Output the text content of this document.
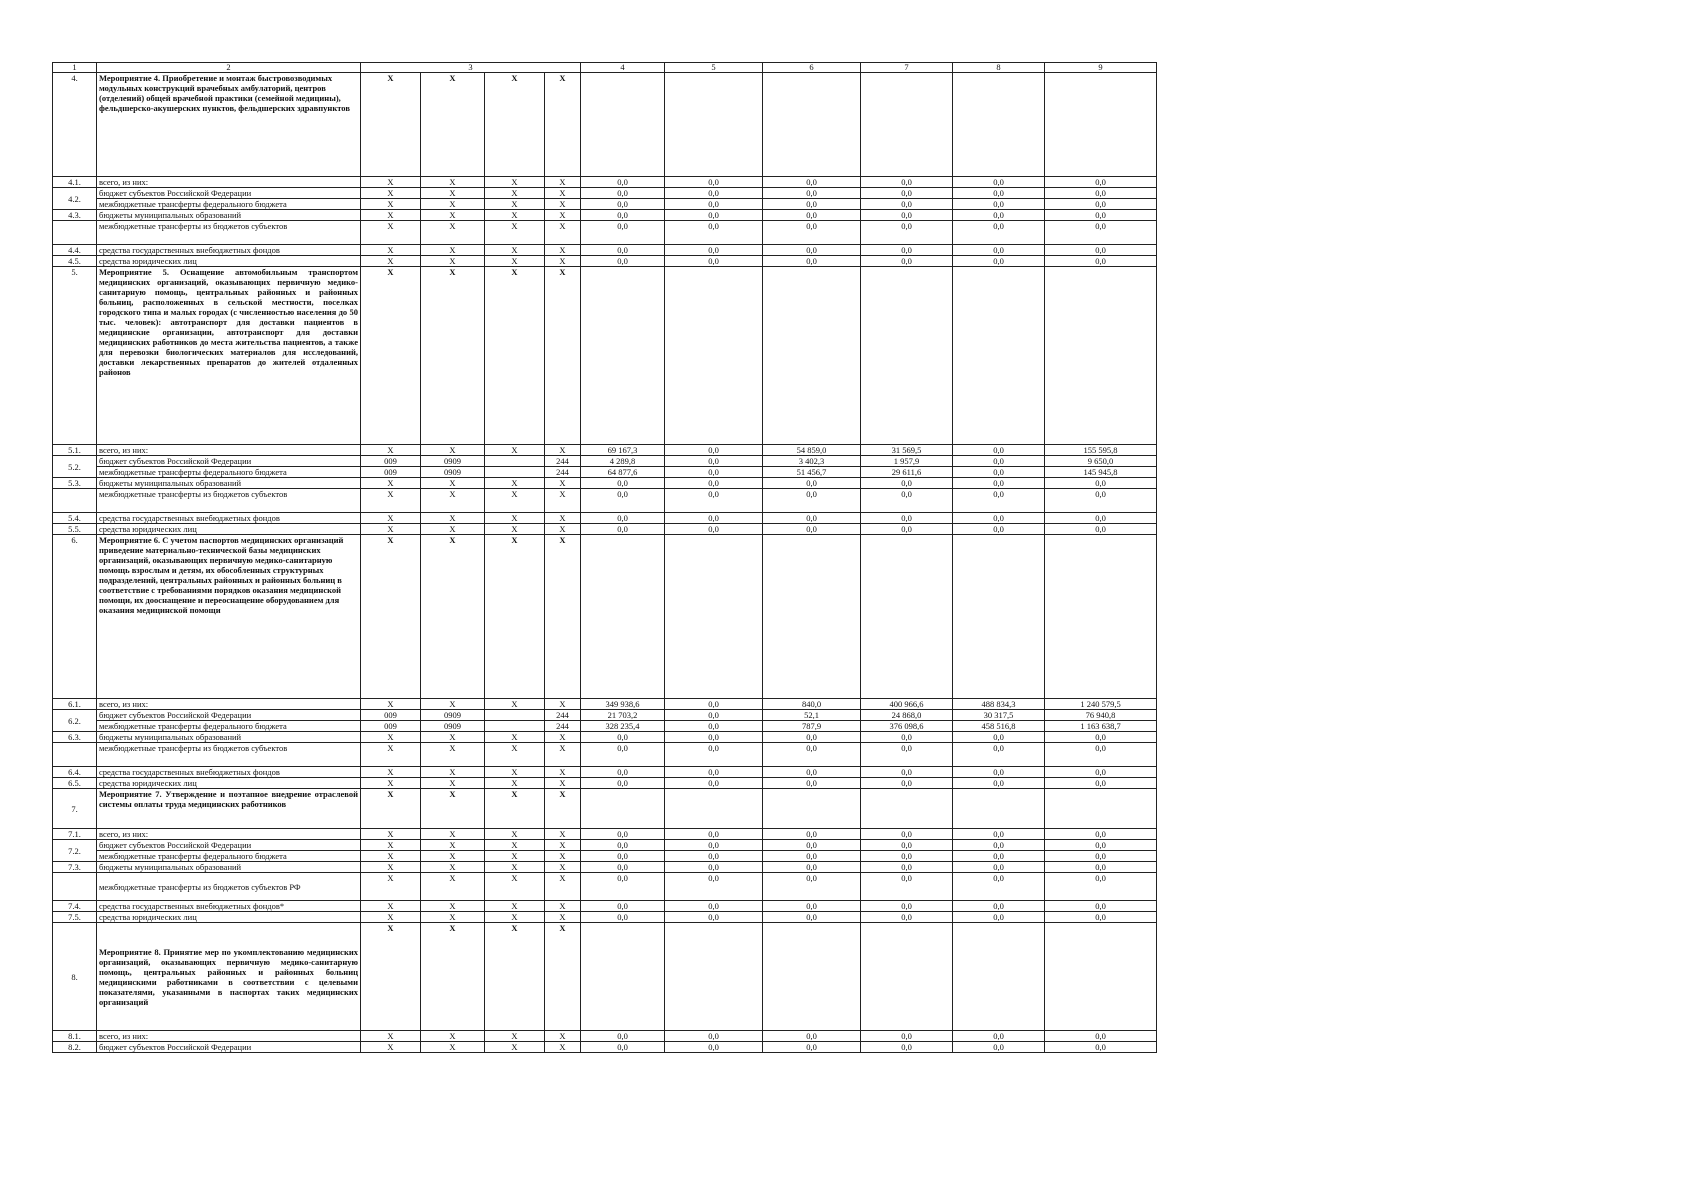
1	2	3				4	5	6	7	8	9
4.	Мероприятие 4. Приобретение и монтаж быстровозводимых модульных конструкций врачебных амбулаторий, центров (отделений) общей врачебной практики (семейной медицины), фельдшерско-акушерских пунктов, фельдшерских здравпунктов	X	X	X	X						
4.1.	всего, из них:	X	X	X	X	0,0	0,0	0,0	0,0	0,0	0,0
4.2.	бюджет субъектов Российской Федерации	X	X	X	X	0,0	0,0	0,0	0,0	0,0	0,0
	межбюджетные трансферты федерального бюджета	X	X	X	X	0,0	0,0	0,0	0,0	0,0	0,0
4.3.	бюджеты муниципальных образований	X	X	X	X	0,0	0,0	0,0	0,0	0,0	0,0
	межбюджетные трансферты из бюджетов субъектов	X	X	X	X	0,0	0,0	0,0	0,0	0,0	0,0
4.4.	средства государственных внебюджетных фондов	X	X	X	X	0,0	0,0	0,0	0,0	0,0	0,0
4.5.	средства юридических лиц	X	X	X	X	0,0	0,0	0,0	0,0	0,0	0,0
5.	Мероприятие 5. Оснащение автомобильным транспортом медицинских организаций, оказывающих первичную медико-санитарную помощь, центральных районных и районных больниц, расположенных в сельской местности, поселках городского типа и малых городах (с численностью населения до 50 тыс. человек): автотранспорт для доставки пациентов в медицинские организации, автотранспорт для доставки медицинских работников до места жительства пациентов, а также для перевозки биологических материалов для исследований, доставки лекарственных препаратов до жителей отдаленных районов	X	X	X	X						
5.1.	всего, из них:	X	X	X	X	69 167,3	0,0	54 859,0	31 569,5	0,0	155 595,8
5.2.	бюджет субъектов Российской Федерации	009	0909		244	4 289,8	0,0	3 402,3	1 957,9	0,0	9 650,0
	межбюджетные трансферты федерального бюджета	009	0909		244	64 877,6	0,0	51 456,7	29 611,6	0,0	145 945,8
5.3.	бюджеты муниципальных образований	X	X	X	X	0,0	0,0	0,0	0,0	0,0	0,0
	межбюджетные трансферты из бюджетов субъектов	X	X	X	X	0,0	0,0	0,0	0,0	0,0	0,0
5.4.	средства государственных внебюджетных фондов	X	X	X	X	0,0	0,0	0,0	0,0	0,0	0,0
5.5.	средства юридических лиц	X	X	X	X	0,0	0,0	0,0	0,0	0,0	0,0
6.	Мероприятие 6. С учетом паспортов медицинских организаций приведение материально-технической базы медицинских организаций, оказывающих первичную медико-санитарную помощь взрослым и детям, их обособленных структурных подразделений, центральных районных и районных больниц в соответствие с требованиями порядков оказания медицинской помощи, их дооснащение и переоснащение оборудованием для оказания медицинской помощи	X	X	X	X						
6.1.	всего, из них:	X	X	X	X	349 938,6	0,0	840,0	400 966,6	488 834,3	1 240 579,5
6.2.	бюджет субъектов Российской Федерации	009	0909		244	21 703,2	0,0	52,1	24 868,0	30 317,5	76 940,8
	межбюджетные трансферты федерального бюджета	009	0909		244	328 235,4	0,0	787,9	376 098,6	458 516,8	1 163 638,7
6.3.	бюджеты муниципальных образований	X	X	X	X	0,0	0,0	0,0	0,0	0,0	0,0
	межбюджетные трансферты из бюджетов субъектов	X	X	X	X	0,0	0,0	0,0	0,0	0,0	0,0
6.4.	средства государственных внебюджетных фондов	X	X	X	X	0,0	0,0	0,0	0,0	0,0	0,0
6.5.	средства юридических лиц	X	X	X	X	0,0	0,0	0,0	0,0	0,0	0,0
7.	Мероприятие 7. Утверждение и поэтапное внедрение отраслевой системы оплаты труда медицинских работников	X	X	X	X						
7.1.	всего, из них:	X	X	X	X	0,0	0,0	0,0	0,0	0,0	0,0
7.2.	бюджет субъектов Российской Федерации	X	X	X	X	0,0	0,0	0,0	0,0	0,0	0,0
	межбюджетные трансферты федерального бюджета	X	X	X	X	0,0	0,0	0,0	0,0	0,0	0,0
7.3.	бюджеты муниципальных образований	X	X	X	X	0,0	0,0	0,0	0,0	0,0	0,0
	межбюджетные трансферты из бюджетов субъектов РФ	X	X	X	X	0,0	0,0	0,0	0,0	0,0	0,0
7.4.	средства государственных внебюджетных фондов*	X	X	X	X	0,0	0,0	0,0	0,0	0,0	0,0
7.5.	средства юридических лиц	X	X	X	X	0,0	0,0	0,0	0,0	0,0	0,0
8.	Мероприятие 8. Принятие мер по укомплектованию медицинских организаций, оказывающих первичную медико-санитарную помощь, центральных районных и районных больниц медицинскими работниками в соответствии с целевыми показателями, указанными в паспортах таких медицинских организаций	X	X	X	X						
8.1.	всего, из них:	X	X	X	X	0,0	0,0	0,0	0,0	0,0	0,0
8.2.	бюджет субъектов Российской Федерации	X	X	X	X	0,0	0,0	0,0	0,0	0,0	0,0
